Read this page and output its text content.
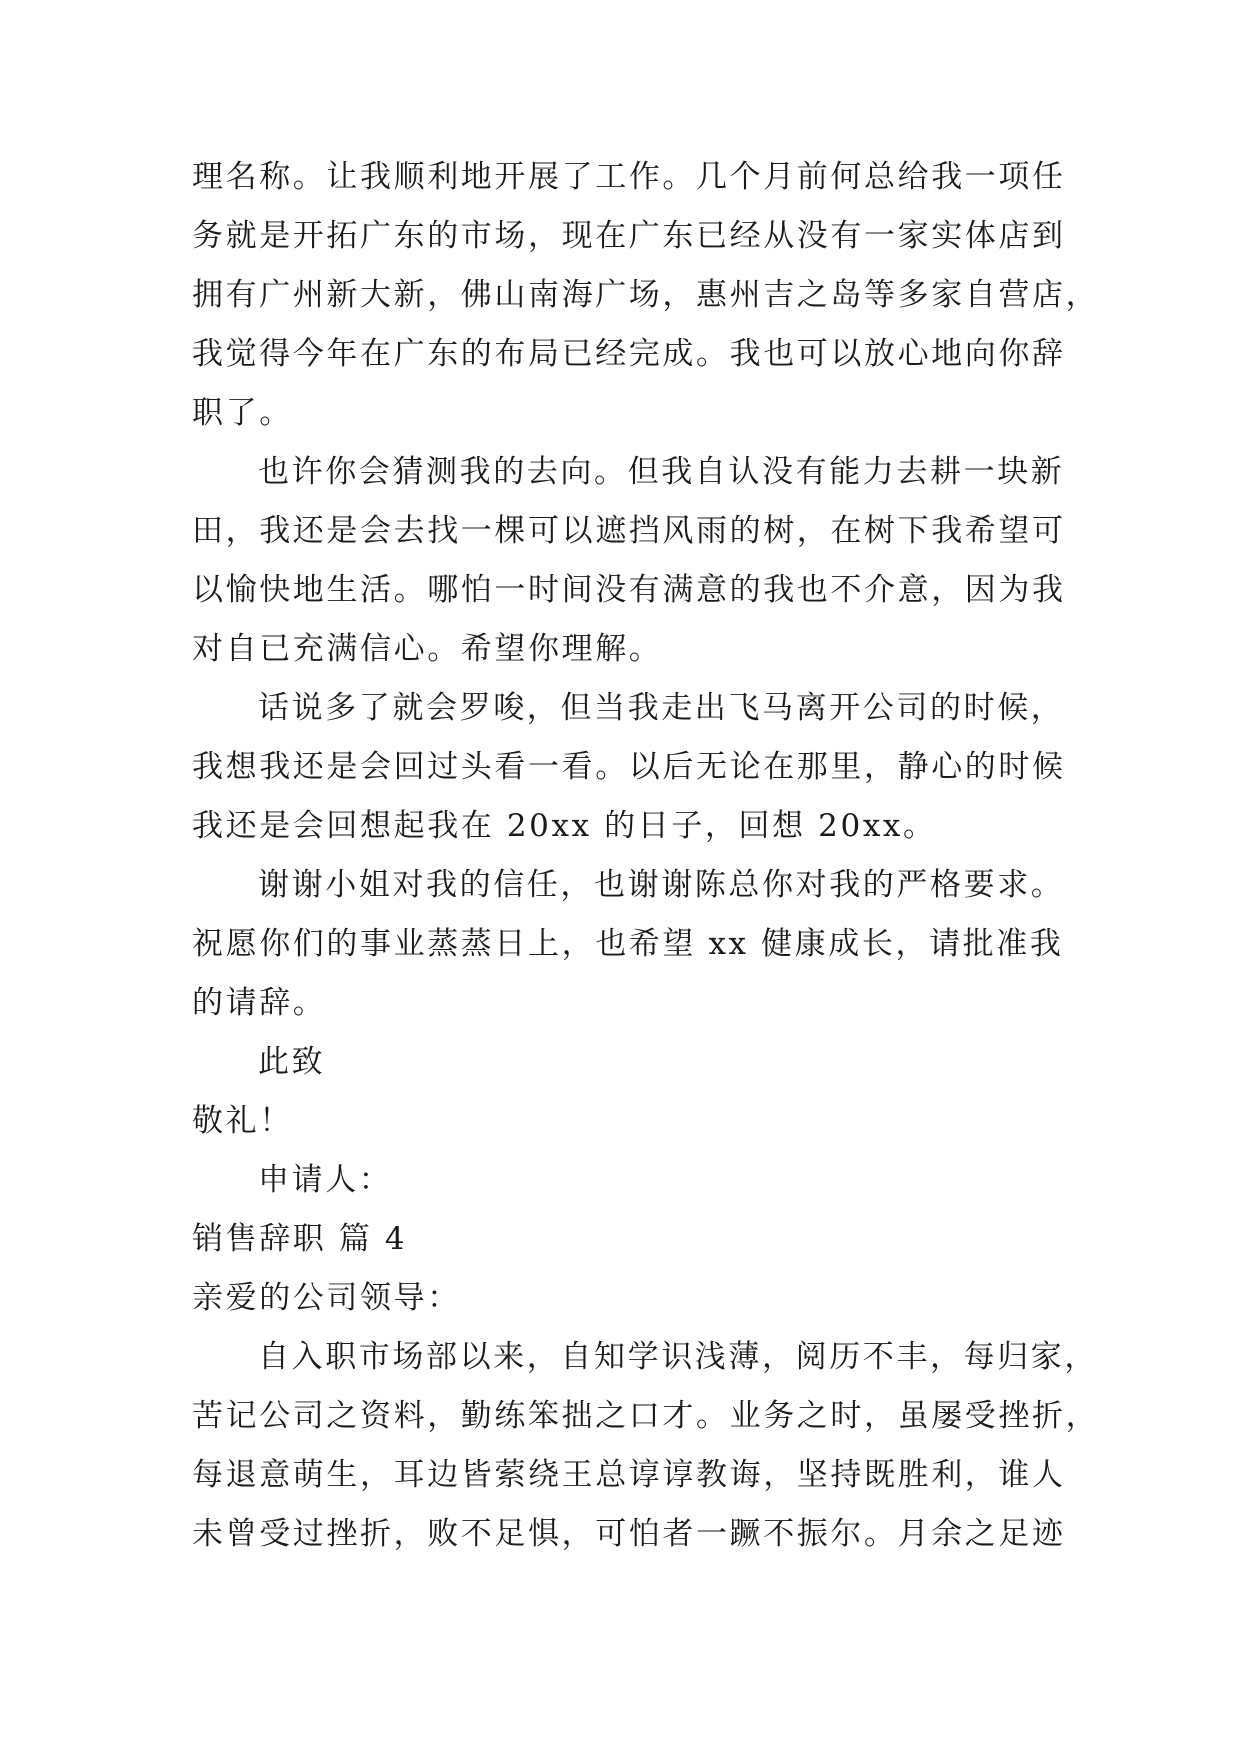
理名称。让我顺利地开展了工作。几个月前何总给我一项任
务就是开拓广东的市场，现在广东已经从没有一家实体店到
拥有广州新大新，佛山南海广场，惠州吉之岛等多家自营店，
我觉得今年在广东的布局已经完成。我也可以放心地向你辞
职了。
也许你会猜测我的去向。但我自认没有能力去耕一块新
田，我还是会去找一棵可以遮挡风雨的树，在树下我希望可
以愉快地生活。哪怕一时间没有满意的我也不介意，因为我
对自已充满信心。希望你理解。
话说多了就会罗唆，但当我走出飞马离开公司的时候，
我想我还是会回过头看一看。以后无论在那里，静心的时候
我还是会回想起我在 20xx 的日子，回想 20xx。
谢谢小姐对我的信任，也谢谢陈总你对我的严格要求。
祝愿你们的事业蒸蒸日上，也希望 xx 健康成长，请批准我
的请辞。
此致
敬礼！
申请人：
销售辞职 篇 4
亲爱的公司领导：
自入职市场部以来，自知学识浅薄，阅历不丰，每归家，
苦记公司之资料，勤练笨拙之口才。业务之时，虽屡受挫折，
每退意萌生，耳边皆萦绕王总谆谆教诲，坚持既胜利，谁人
未曾受过挫折，败不足惧，可怕者一蹶不振尔。月余之足迹
